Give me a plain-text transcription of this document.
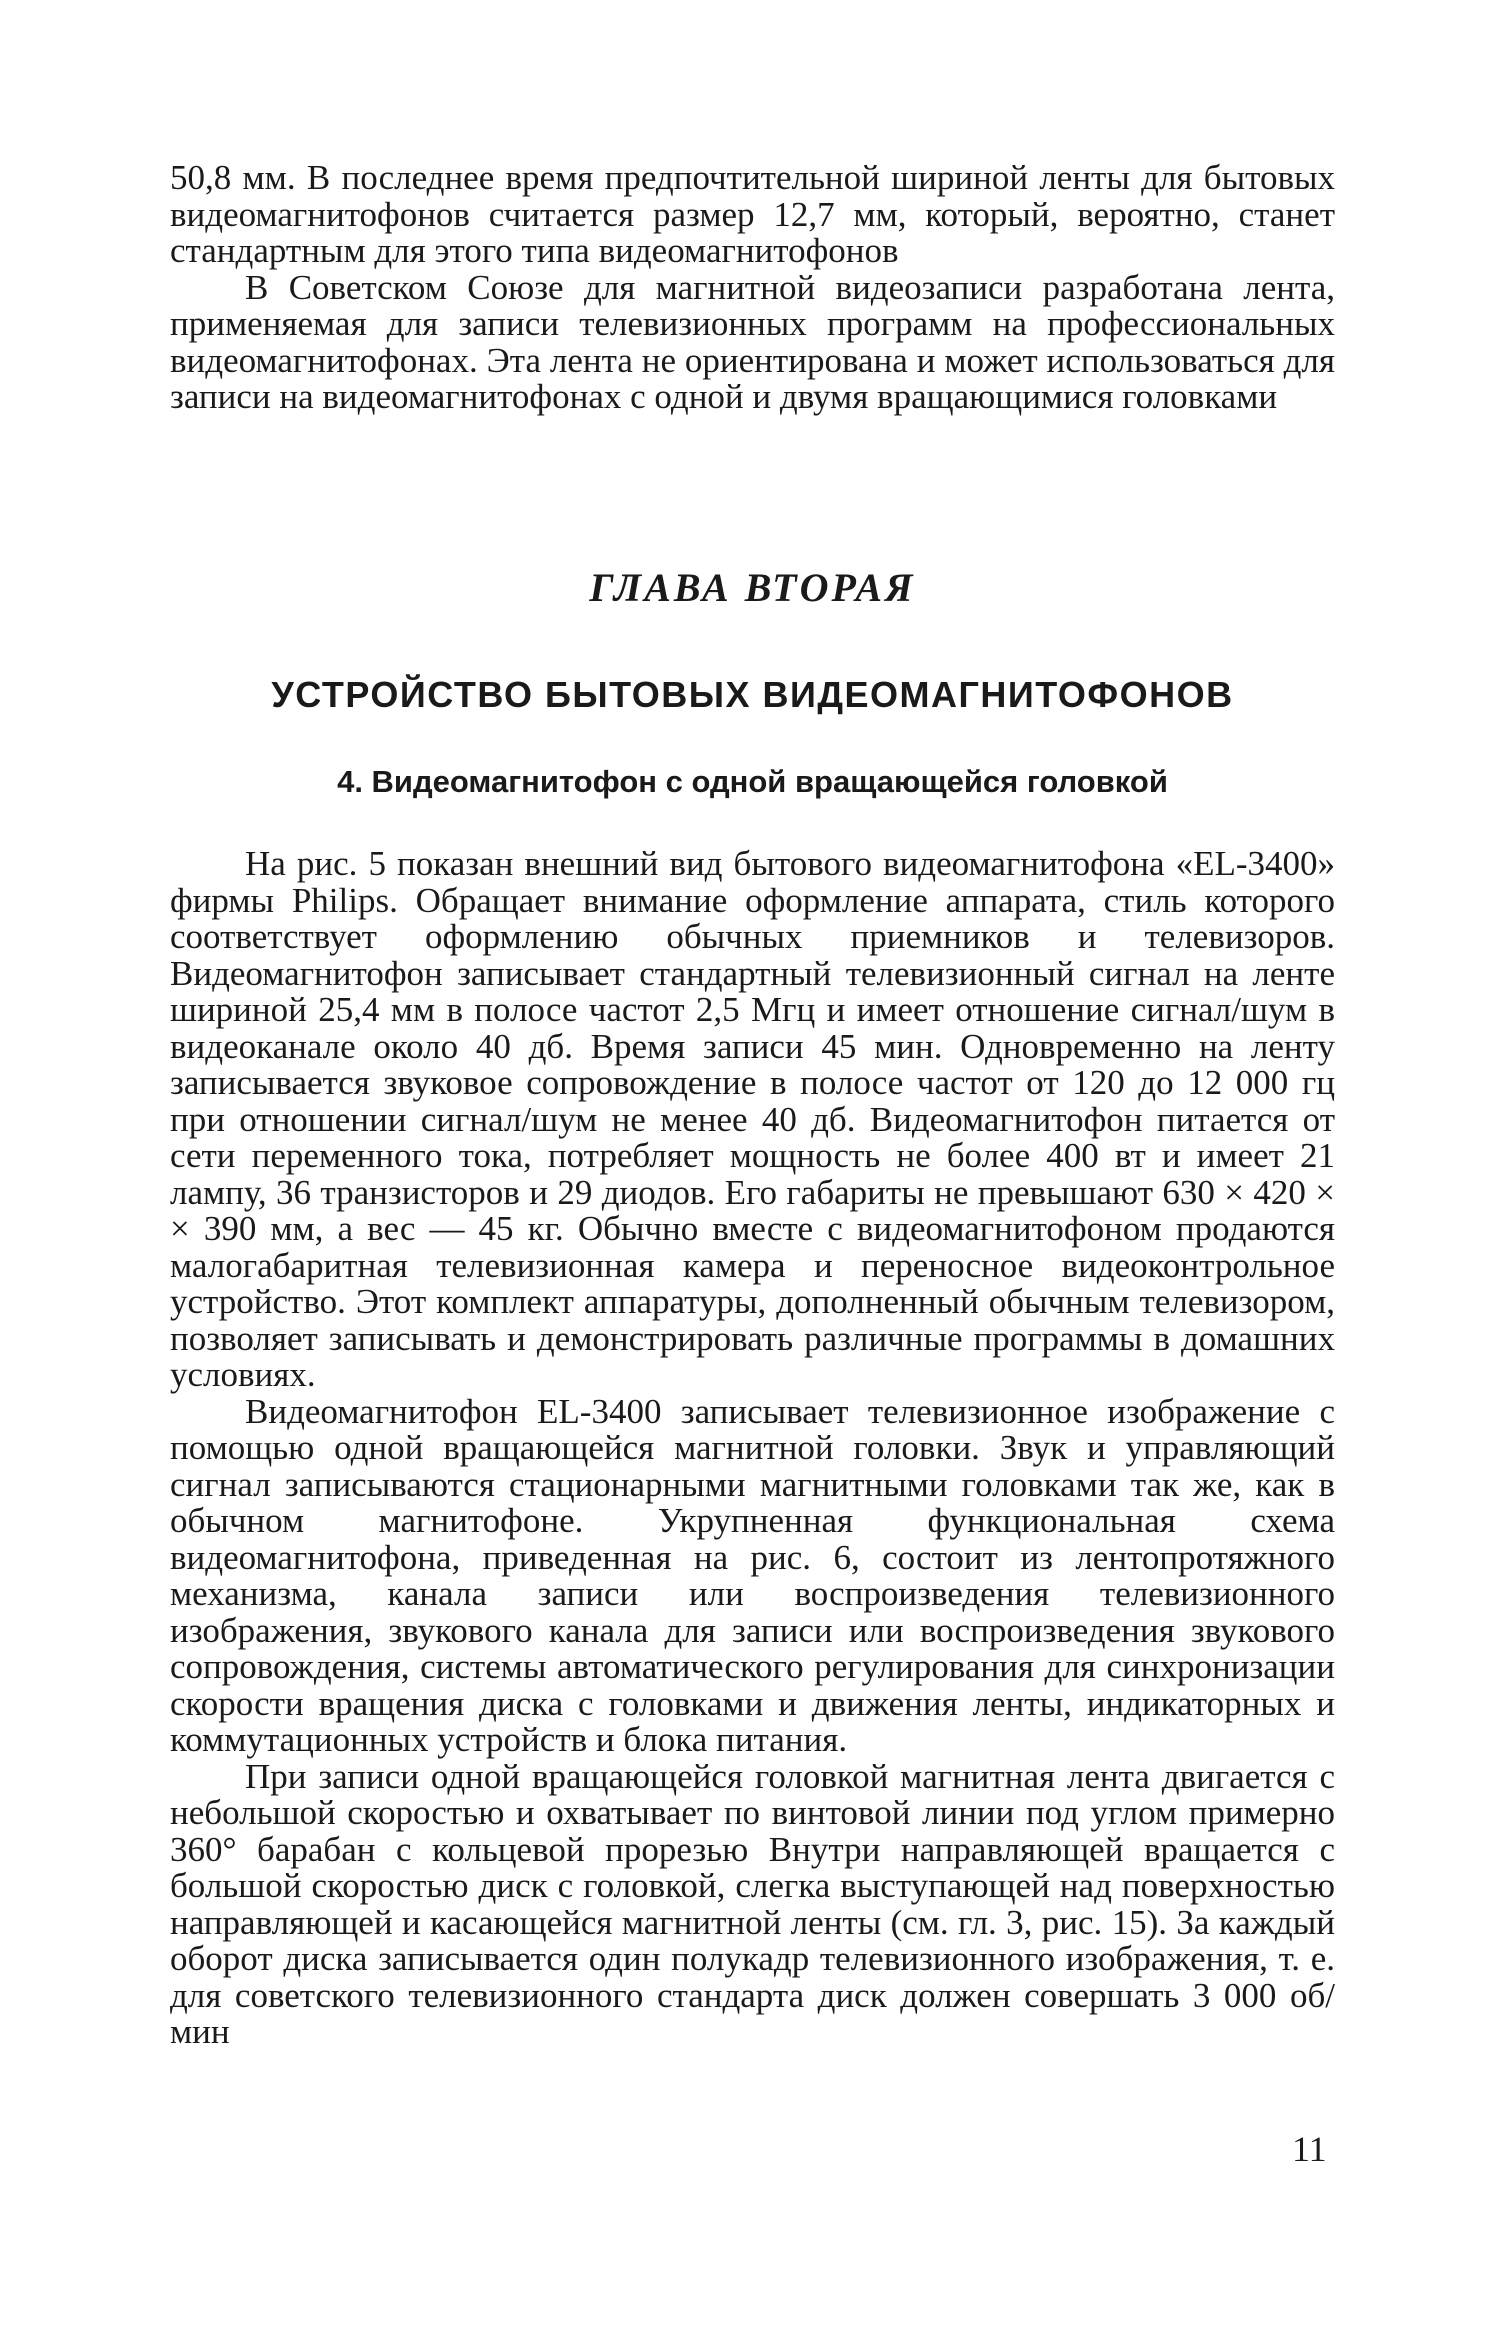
50,8 мм. В последнее время предпочтительной шириной ленты для бытовых видеомагнитофонов считается размер 12,7 мм, который, вероятно, станет стандартным для этого типа видеомагнитофонов

В Советском Союзе для магнитной видеозаписи разработана лента, применяемая для записи телевизионных программ на профессиональных видеомагнитофонах. Эта лента не ориентирована и может использоваться для записи на видеомагнитофонах с одной и двумя вращающимися головками

ГЛАВА ВТОРАЯ
УСТРОЙСТВО БЫТОВЫХ ВИДЕОМАГНИТОФОНОВ
4. Видеомагнитофон с одной вращающейся головкой

На рис. 5 показан внешний вид бытового видеомагнитофона «EL-3400» фирмы Philips. Обращает внимание оформление аппарата, стиль которого соответствует оформлению обычных приемников и телевизоров. Видеомагнитофон записывает стандартный телевизионный сигнал на ленте шириной 25,4 мм в полосе частот 2,5 Мгц и имеет отношение сигнал/шум в видеоканале около 40 дб. Время записи 45 мин. Одновременно на ленту записывается звуковое сопровождение в полосе частот от 120 до 12 000 гц при отношении сигнал/шум не менее 40 дб. Видеомагнитофон питается от сети переменного тока, потребляет мощность не более 400 вт и имеет 21 лампу, 36 транзисторов и 29 диодов. Его габариты не превышают 630 × 420 × × 390 мм, а вес — 45 кг. Обычно вместе с видеомагнитофоном продаются малогабаритная телевизионная камера и переносное видеоконтрольное устройство. Этот комплект аппаратуры, дополненный обычным телевизором, позволяет записывать и демонстрировать различные программы в домашних условиях.

Видеомагнитофон EL-3400 записывает телевизионное изображение с помощью одной вращающейся магнитной головки. Звук и управляющий сигнал записываются стационарными магнитными головками так же, как в обычном магнитофоне. Укрупненная функциональная схема видеомагнитофона, приведенная на рис. 6, состоит из лентопротяжного механизма, канала записи или воспроизведения телевизионного изображения, звукового канала для записи или воспроизведения звукового сопровождения, системы автоматического регулирования для синхронизации скорости вращения диска с головками и движения ленты, индикаторных и коммутационных устройств и блока питания.

При записи одной вращающейся головкой магнитная лента двигается с небольшой скоростью и охватывает по винтовой линии под углом примерно 360° барабан с кольцевой прорезью Внутри направляющей вращается с большой скоростью диск с головкой, слегка выступающей над поверхностью направляющей и касающейся магнитной ленты (см. гл. 3, рис. 15). За каждый оборот диска записывается один полукадр телевизионного изображения, т. е. для советского телевизионного стандарта диск должен совершать 3 000 об/мин

11
